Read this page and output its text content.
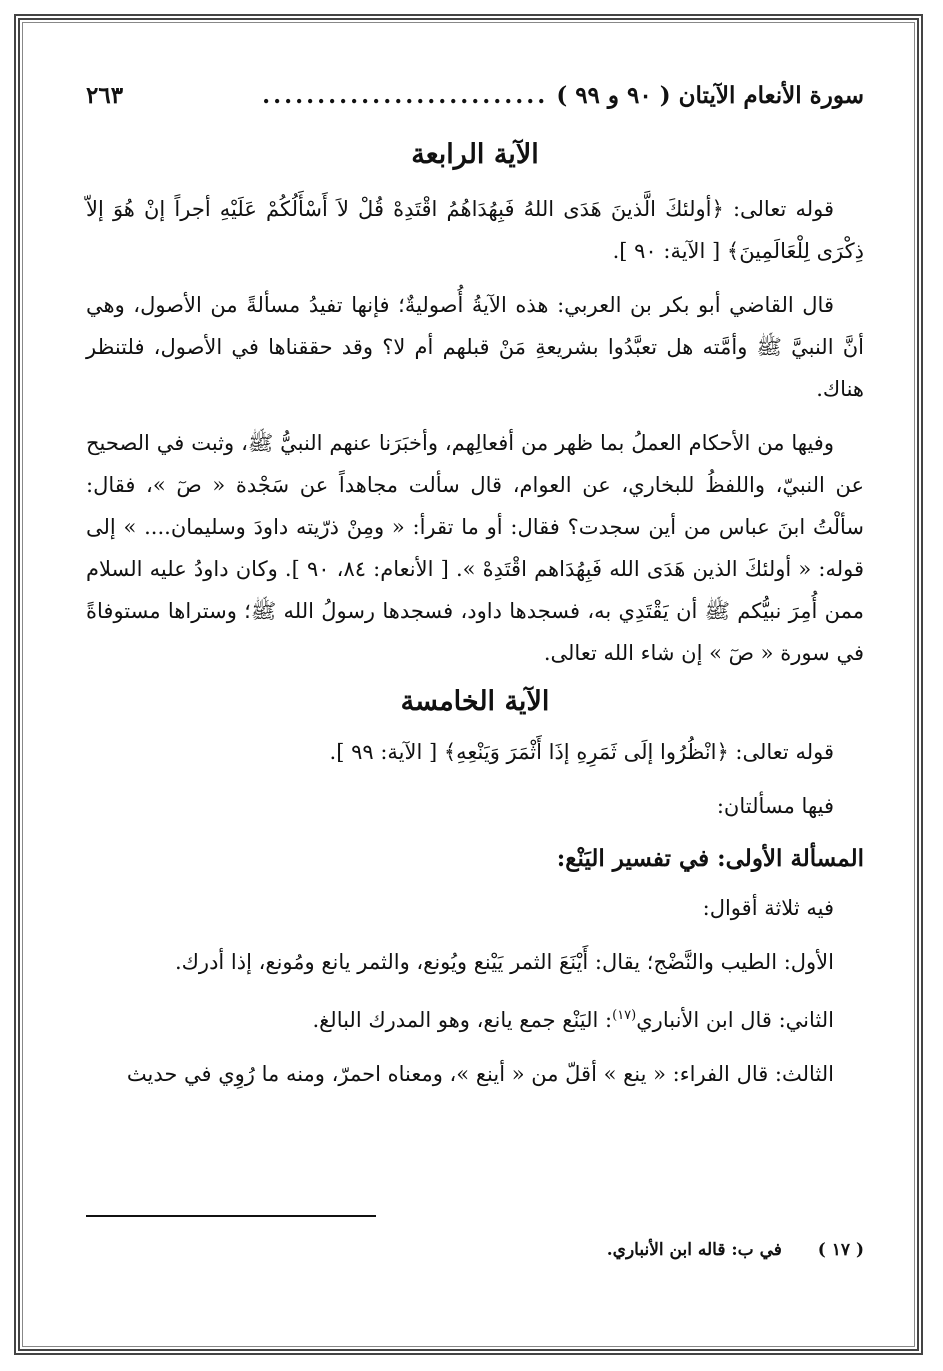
سورة الأنعام الآيتان ( ٩٠ و ٩٩ )
..........................
٢٦٣
الآية الرابعة

قوله تعالى: ﴿أولئكَ الَّذينَ هَدَى اللهُ فَبِهُدَاهُمُ اقْتَدِهْ قُلْ لاَ أَسْأَلُكُمْ عَلَيْهِ أجراً إنْ هُوَ إلاّ ذِكْرَى لِلْعَالَمِينَ﴾ [ الآية: ٩٠ ].

قال القاضي أبو بكر بن العربي: هذه الآيةُ أُصوليةٌ؛ فإنها تفيدُ مسألةً من الأصول، وهي أنَّ النبيَّ ﷺ وأمَّته هل تعبَّدُوا بشريعةِ مَنْ قبلهم أم لا؟ وقد حققناها في الأصول، فلتنظر هناك.

وفيها من الأحكام العملُ بما ظهر من أفعالِهم، وأخبَرَنا عنهم النبيُّ ﷺ، وثبت في الصحيح عن النبيّ، واللفظُ للبخاري، عن العوام، قال سألت مجاهداً عن سَجْدة « صٓ »، فقال: سألْتُ ابنَ عباس من أين سجدت؟ فقال: أو ما تقرأ: « ومِنْ ذرّيته داودَ وسليمان.... » إلى قوله: « أولئكَ الذين هَدَى الله فَبِهُدَاهم اقْتَدِهْ ». [ الأنعام: ٨٤، ٩٠ ]. وكان داودُ عليه السلام ممن أُمِرَ نبيُّكم ﷺ أن يَقْتَدِي به، فسجدها داود، فسجدها رسولُ الله ﷺ؛ وستراها مستوفاةً في سورة « صٓ » إن شاء الله تعالى.

الآية الخامسة

قوله تعالى: ﴿انْظُرُوا إلَى ثَمَرِهِ إذَا أَثْمَرَ وَيَنْعِهِ﴾ [ الآية: ٩٩ ].

فيها مسألتان:

المسألة الأولى: في تفسير اليَنْع:

فيه ثلاثة أقوال:

الأول: الطيب والنَّضْج؛ يقال: أَيْنَعَ الثمر يَيْنع ويُونع، والثمر يانع ومُونع، إذا أدرك.

الثاني: قال ابن الأنباري$^{(١٧)}$: اليَنْع جمع يانع، وهو المدرك البالغ.

الثالث: قال الفراء: « ينع » أقلّ من « أينع »، ومعناه احمرّ، ومنه ما رُوِي في حديث

( ١٧ ) في ب: قاله ابن الأنباري.
